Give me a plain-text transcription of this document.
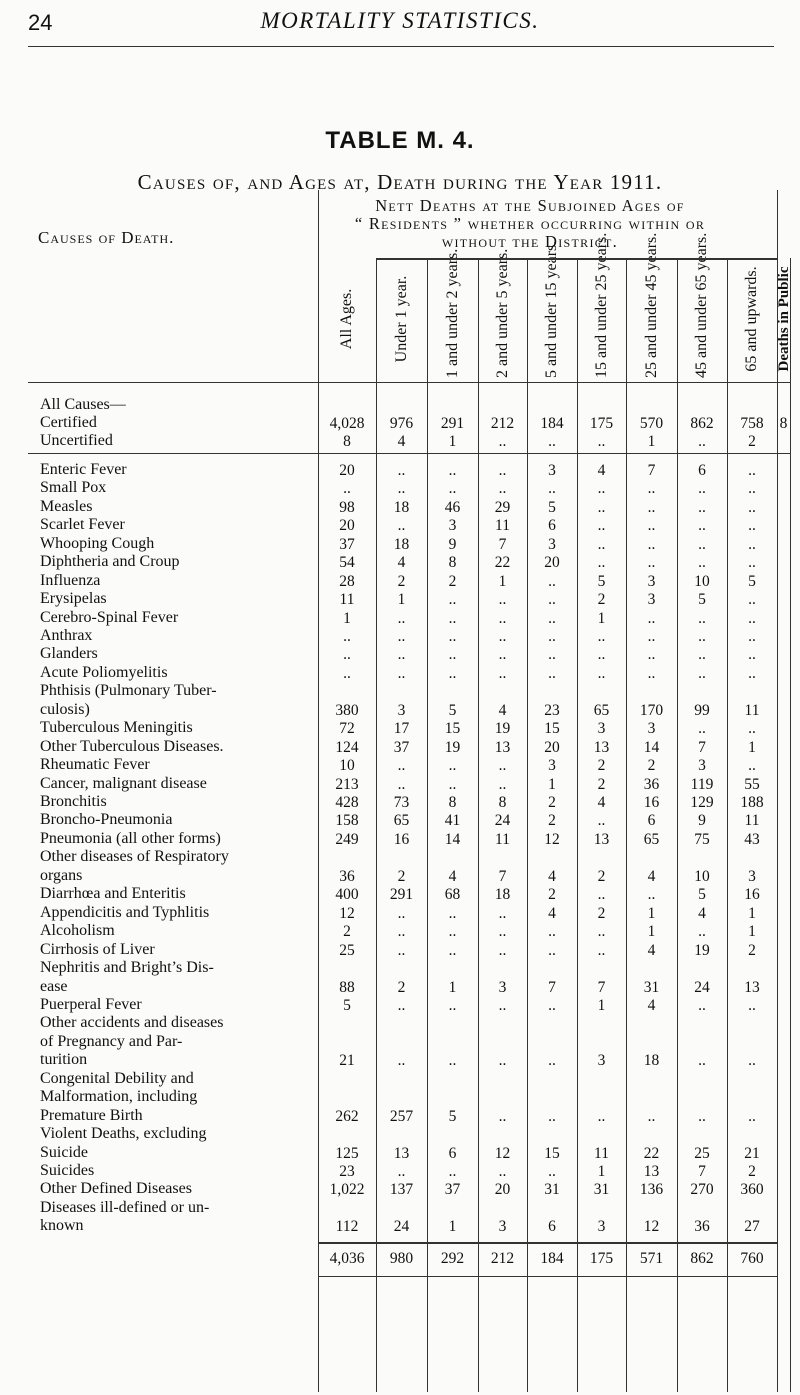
24	MORTALITY STATISTICS.
TABLE M. 4.
Causes of, and Ages at, Death during the Year 1911.
Causes of Death.
Nett Deaths at the Subjoined Ages of
“ Residents ” whether occurring within or
without the District.
All Ages. Under 1 year. 1 and under 2 years. 2 and under 5 years. 5 and under 15 years. 15 and under 25 years. 25 and under 45 years. 45 and under 65 years. 65 and upwards. Deaths in Public
All Causes—
Certified	4,028	976	291	212	184	175	570	862	758	8
Uncertified	8	4	1	..	..	..	1	..	2
Enteric Fever	20	..	..	..	3	4	7	6	..
Small Pox	..	..	..	..	..	..	..	..	..
Measles	98	18	46	29	5	..	..	..	..
Scarlet Fever	20	..	3	11	6	..	..	..	..
Whooping Cough	37	18	9	7	3	..	..	..	..
Diphtheria and Croup	54	4	8	22	20	..	..	..	..
Influenza	28	2	2	1	..	5	3	10	5
Erysipelas	11	1	..	..	..	2	3	5	..
Cerebro-Spinal Fever	1	..	..	..	..	1	..	..	..
Anthrax	..	..	..	..	..	..	..	..	..
Glanders	..	..	..	..	..	..	..	..	..
Acute Poliomyelitis	..	..	..	..	..	..	..	..	..
Phthisis (Pulmonary Tuber-
culosis)	380	3	5	4	23	65	170	99	11
Tuberculous Meningitis	72	17	15	19	15	3	3	..	..
Other Tuberculous Diseases.	124	37	19	13	20	13	14	7	1
Rheumatic Fever	10	..	..	..	3	2	2	3	..
Cancer, malignant disease	213	..	..	..	1	2	36	119	55
Bronchitis	428	73	8	8	2	4	16	129	188
Broncho-Pneumonia	158	65	41	24	2	..	6	9	11
Pneumonia (all other forms)	249	16	14	11	12	13	65	75	43
Other diseases of Respiratory
organs	36	2	4	7	4	2	4	10	3
Diarrhœa and Enteritis	400	291	68	18	2	..	..	5	16
Appendicitis and Typhlitis	12	..	..	..	4	2	1	4	1
Alcoholism	2	..	..	..	..	..	1	..	1
Cirrhosis of Liver	25	..	..	..	..	..	4	19	2
Nephritis and Bright’s Dis-
ease	88	2	1	3	7	7	31	24	13
Puerperal Fever	5	..	..	..	..	1	4	..	..
Other accidents and diseases
of Pregnancy and Par-
turition	21	..	..	..	..	3	18	..	..
Congenital Debility and
Malformation, including
Premature Birth	262	257	5	..	..	..	..	..	..
Violent Deaths, excluding
Suicide	125	13	6	12	15	11	22	25	21
Suicides	23	..	..	..	..	1	13	7	2
Other Defined Diseases	1,022	137	37	20	31	31	136	270	360
Diseases ill-defined or un-
known	112	24	1	3	6	3	12	36	27
4,036	980	292	212	184	175	571	862	760
